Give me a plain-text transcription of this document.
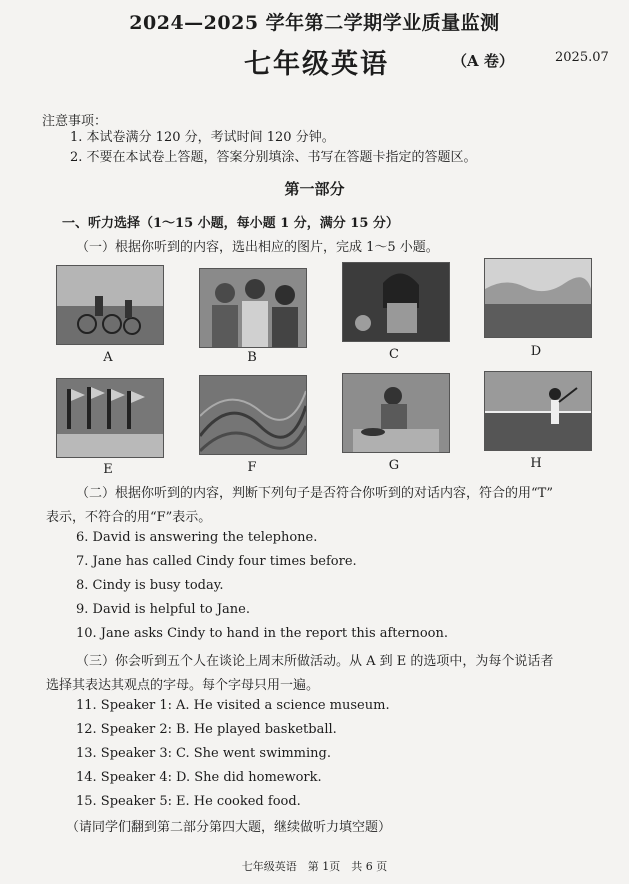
2024—2025 学年第二学期学业质量监测
七年级英语	（A 卷）	2025.07
注意事项：
1. 本试卷满分 120 分，考试时间 120 分钟。
2. 不要在本试卷上答题，答案分别填涂、书写在答题卡指定的答题区。
第一部分
一、听力选择（1～15 小题，每小题 1 分，满分 15 分）
（一）根据你听到的内容，选出相应的图片，完成 1～5 小题。
A	B	C	D
E	F	G	H
（二）根据你听到的内容，判断下列句子是否符合你听到的对话内容，符合的用“T”
表示，不符合的用“F”表示。
6. David is answering the telephone.
7. Jane has called Cindy four times before.
8. Cindy is busy today.
9. David is helpful to Jane.
10. Jane asks Cindy to hand in the report this afternoon.
（三）你会听到五个人在谈论上周末所做活动。从 A 到 E 的选项中，为每个说话者
选择其表达其观点的字母。每个字母只用一遍。
11. Speaker 1: A. He visited a science museum.
12. Speaker 2: B. He played basketball.
13. Speaker 3: C. She went swimming.
14. Speaker 4: D. She did homework.
15. Speaker 5: E. He cooked food.
（请同学们翻到第二部分第四大题，继续做听力填空题）
七年级英语　第 1页　共 6 页
